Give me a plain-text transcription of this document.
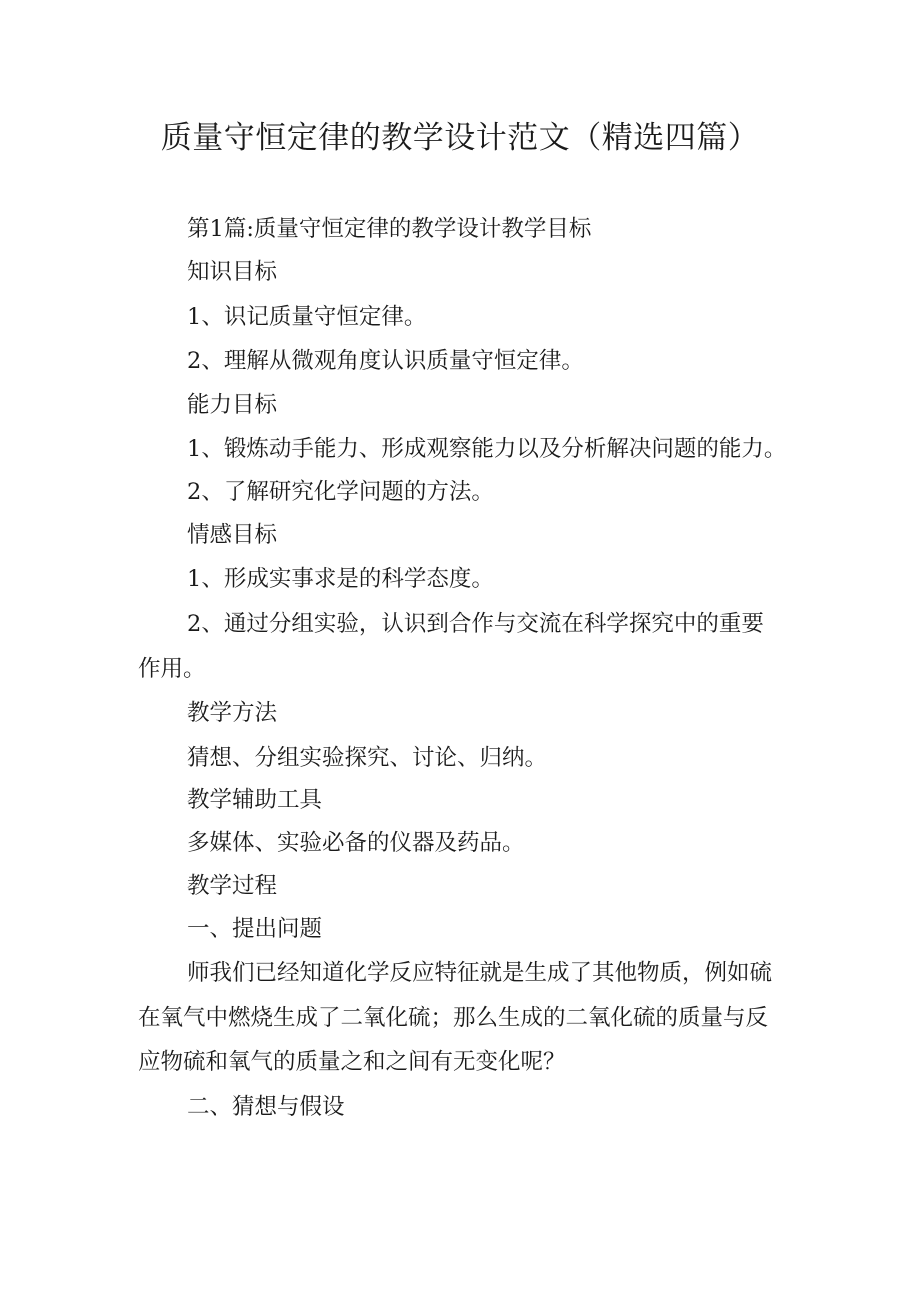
质量守恒定律的教学设计范文（精选四篇）

第1篇:质量守恒定律的教学设计教学目标

知识目标

1、识记质量守恒定律。

2、理解从微观角度认识质量守恒定律。

能力目标

1、锻炼动手能力、形成观察能力以及分析解决问题的能力。

2、了解研究化学问题的方法。

情感目标

1、形成实事求是的科学态度。

2、通过分组实验，认识到合作与交流在科学探究中的重要

作用。

教学方法

猜想、分组实验探究、讨论、归纳。

教学辅助工具

多媒体、实验必备的仪器及药品。

教学过程

一、提出问题

师我们已经知道化学反应特征就是生成了其他物质，例如硫

在氧气中燃烧生成了二氧化硫；那么生成的二氧化硫的质量与反

应物硫和氧气的质量之和之间有无变化呢？

二、猜想与假设
